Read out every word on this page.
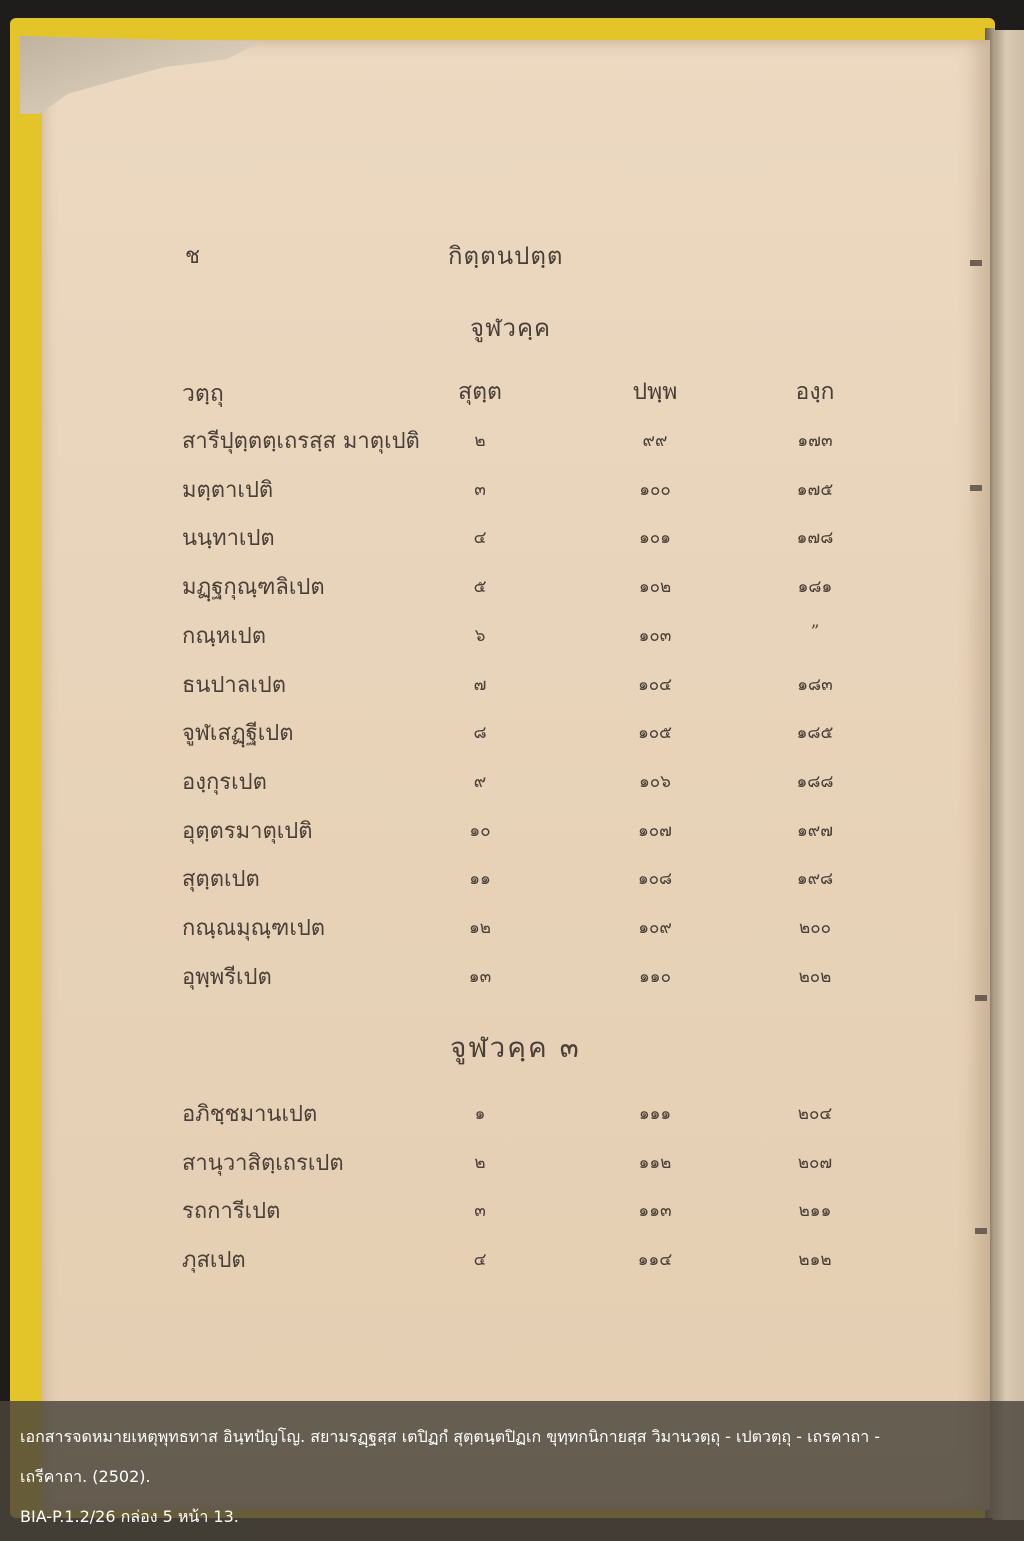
ช	กิตฺตนปตฺต
จูฬวคฺค
วตฺถุ	สุตฺต	ปพฺพ	องฺก
สารีปุตฺตตฺเถรสฺส มาตุเปติ	๒	๙๙	๑๗๓
มตฺตาเปติ	๓	๑๐๐	๑๗๕
นนฺทาเปต	๔	๑๐๑	๑๗๘
มฏฺฐกุณฺฑลิเปต	๕	๑๐๒	๑๘๑
กณฺหเปต	๖	๑๐๓	”
ธนปาลเปต	๗	๑๐๔	๑๘๓
จูฬเสฏฺฐีเปต	๘	๑๐๕	๑๘๕
องฺกุรเปต	๙	๑๐๖	๑๘๘
อุตฺตรมาตุเปติ	๑๐	๑๐๗	๑๙๗
สุตฺตเปต	๑๑	๑๐๘	๑๙๘
กณฺณมุณฺฑเปต	๑๒	๑๐๙	๒๐๐
อุพฺพรีเปต	๑๓	๑๑๐	๒๐๒
จูฬวคฺค ๓
อภิชฺชมานเปต	๑	๑๑๑	๒๐๔
สานุวาสิตฺเถรเปต	๒	๑๑๒	๒๐๗
รถการีเปต	๓	๑๑๓	๒๑๑
ภุสเปต	๔	๑๑๔	๒๑๒
เอกสารจดหมายเหตุพุทธทาส อินฺทปัญโญ. สยามรฏฺฐสฺส เตปิฏกํ สุตฺตนฺตปิฏเก ขุทฺทกนิกายสฺส วิมานวตฺถุ - เปตวตฺถุ - เถรคาถา -
เถรีคาถา. (2502).
BIA-P.1.2/26 กล่อง 5 หน้า 13.
